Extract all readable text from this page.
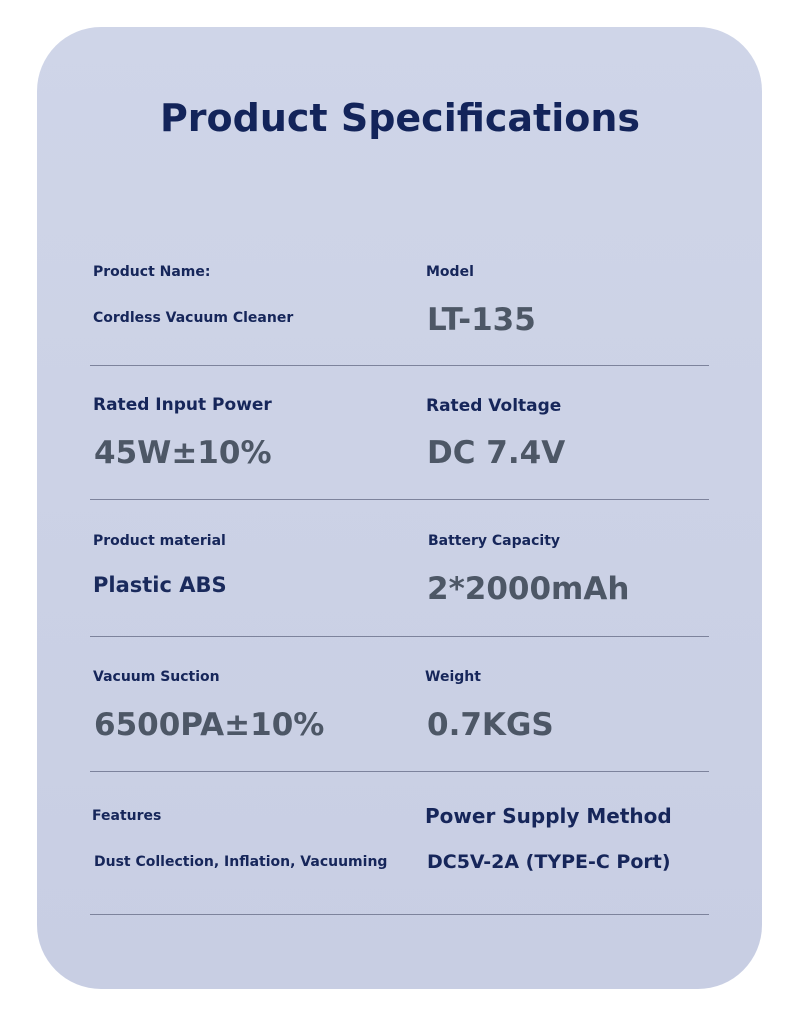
Product Specifications
Product Name:
Cordless Vacuum Cleaner
Model
LT-135
Rated Input Power
45W±10%
Rated Voltage
DC 7.4V
Product material
Plastic ABS
Battery Capacity
2*2000mAh
Vacuum Suction
6500PA±10%
Weight
0.7KGS
Features
Dust Collection, Inflation, Vacuuming
Power Supply Method
DC5V-2A (TYPE-C Port)
